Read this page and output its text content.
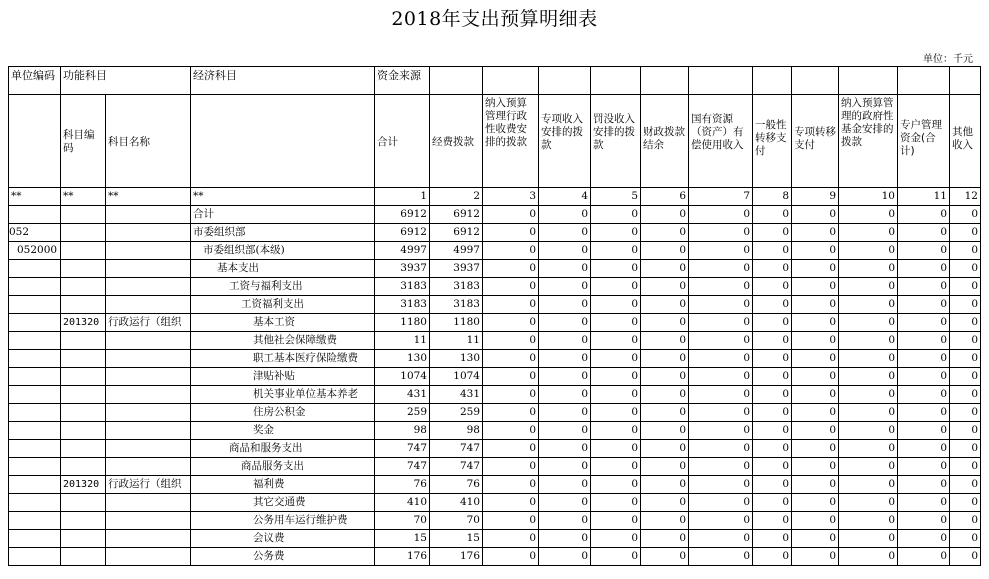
2018年支出预算明细表
单位：千元
单位编码	功能科目		经济科目	资金来源											
	科目编码	科目名称		合计	经费拨款	纳入预算管理行政性收费安排的拨款	专项收入安排的拨款	罚没收入安排的拨款	财政拨款结余	国有资源（资产）有偿使用收入	一般性转移支付	专项转移支付	纳入预算管理的政府性基金安排的拨款	专户管理资金(合计)	其他收入
**	**	**	**	1	2	3	4	5	6	7	8	9	10	11	12
			合计	6912	6912	0	0	0	0	0	0	0	0	0	0
052			市委组织部	6912	6912	0	0	0	0	0	0	0	0	0	0
052000			市委组织部(本级)	4997	4997	0	0	0	0	0	0	0	0	0	0
			基本支出	3937	3937	0	0	0	0	0	0	0	0	0	0
			工资与福利支出	3183	3183	0	0	0	0	0	0	0	0	0	0
			工资福利支出	3183	3183	0	0	0	0	0	0	0	0	0	0
	201320	行政运行（组织	基本工资	1180	1180	0	0	0	0	0	0	0	0	0	0
			其他社会保障缴费	11	11	0	0	0	0	0	0	0	0	0	0
			职工基本医疗保险缴费	130	130	0	0	0	0	0	0	0	0	0	0
			津贴补贴	1074	1074	0	0	0	0	0	0	0	0	0	0
			机关事业单位基本养老	431	431	0	0	0	0	0	0	0	0	0	0
			住房公积金	259	259	0	0	0	0	0	0	0	0	0	0
			奖金	98	98	0	0	0	0	0	0	0	0	0	0
			商品和服务支出	747	747	0	0	0	0	0	0	0	0	0	0
			商品服务支出	747	747	0	0	0	0	0	0	0	0	0	0
	201320	行政运行（组织	福利费	76	76	0	0	0	0	0	0	0	0	0	0
			其它交通费	410	410	0	0	0	0	0	0	0	0	0	0
			公务用车运行维护费	70	70	0	0	0	0	0	0	0	0	0	0
			会议费	15	15	0	0	0	0	0	0	0	0	0	0
			公务费	176	176	0	0	0	0	0	0	0	0	0	0
